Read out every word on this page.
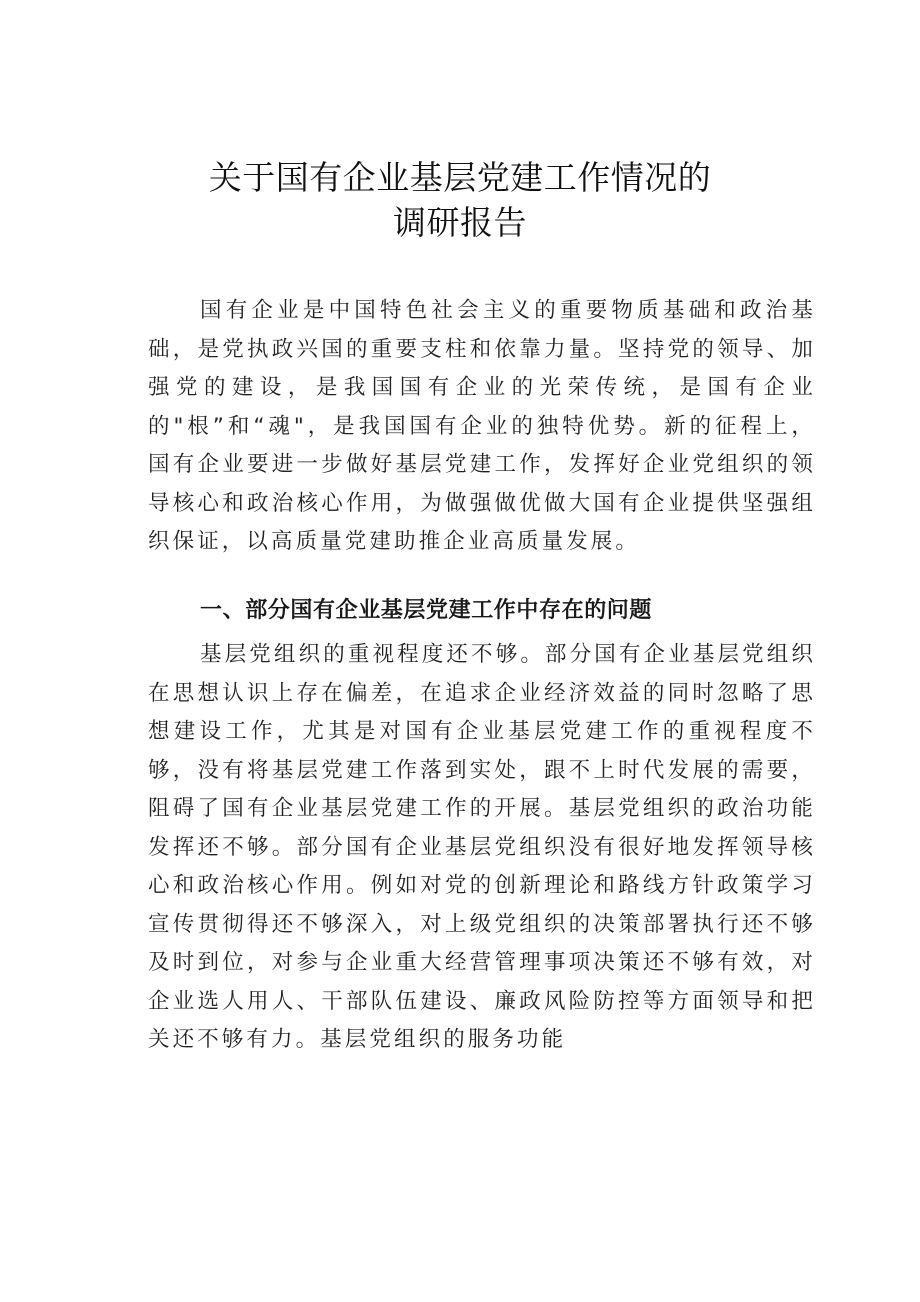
关于国有企业基层党建工作情况的
调研报告

国有企业是中国特色社会主义的重要物质基础和政治基础，是党执政兴国的重要支柱和依靠力量。坚持党的领导、加强党的建设，是我国国有企业的光荣传统，是国有企业的"根”和“魂"，是我国国有企业的独特优势。新的征程上，国有企业要进一步做好基层党建工作，发挥好企业党组织的领导核心和政治核心作用，为做强做优做大国有企业提供坚强组织保证，以高质量党建助推企业高质量发展。

一、部分国有企业基层党建工作中存在的问题

基层党组织的重视程度还不够。部分国有企业基层党组织在思想认识上存在偏差，在追求企业经济效益的同时忽略了思想建设工作，尤其是对国有企业基层党建工作的重视程度不够，没有将基层党建工作落到实处，跟不上时代发展的需要，阻碍了国有企业基层党建工作的开展。基层党组织的政治功能发挥还不够。部分国有企业基层党组织没有很好地发挥领导核心和政治核心作用。例如对党的创新理论和路线方针政策学习宣传贯彻得还不够深入，对上级党组织的决策部署执行还不够及时到位，对参与企业重大经营管理事项决策还不够有效，对企业选人用人、干部队伍建设、廉政风险防控等方面领导和把关还不够有力。基层党组织的服务功能
